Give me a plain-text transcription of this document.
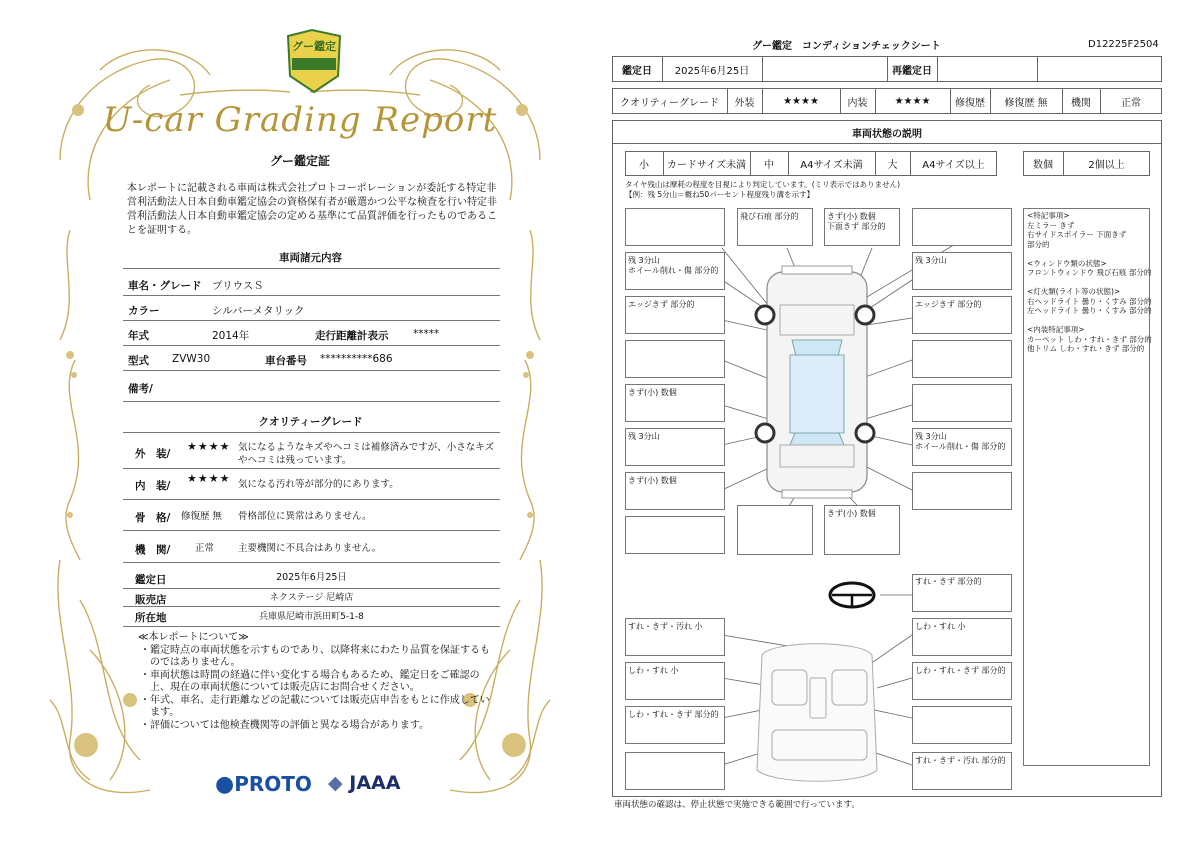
グー鑑定
U-car Grading Report
グー鑑定証
本レポートに記載される車両は株式会社プロトコーポレーションが委託する特定非営利活動法人日本自動車鑑定協会の資格保有者が厳選かつ公平な検査を行い特定非営利活動法人日本自動車鑑定協会の定める基準にて品質評価を行ったものであることを証明する。
車両諸元内容
車名・グレード プリウスＳ
カラー	シルバーメタリック
年式	2014年	走行距離計表示 *****
型式 ZVW30	車台番号 **********686
備考/
クオリティーグレード
外　装/
★★★★ 気になるようなキズやヘコミは補修済みですが、小さなキズやヘコミは残っています。
内　装/
★★★★ 気になる汚れ等が部分的にあります。
骨　格/ 修復歴 無 骨格部位に異常はありません。
機　関/	正常	主要機関に不具合はありません。
鑑定日	2025年6月25日
販売店	ネクステージ 尼崎店
所在地	兵庫県尼崎市浜田町5-1-8
≪本レポートについて≫
・鑑定時点の車両状態を示すものであり、以降将来にわたり品質を保証するものではありません。
・車両状態は時間の経過に伴い変化する場合もあるため、鑑定日をご確認の上、現在の車両状態については販売店にお問合せください。
・年式、車名、走行距離などの記載については販売店申告をもとに作成しています。
・評価については他検査機関等の評価と異なる場合があります。
●PROTO ◆ JAAA
グー鑑定　コンディションチェックシート	D12225F2504
鑑定日	2025年6月25日	再鑑定日
クオリティーグレード	外装	★★★★	内装	★★★★	修復歴	修復歴 無	機関	正常
車両状態の説明
小	カードサイズ未満	中	A4サイズ未満	大	A4サイズ以上	数個	2個以上
タイヤ残山は摩耗の程度を目視により判定しています。(ミリ表示ではありません)
【例：残 5分山＝概ね50パーセント程度残り溝を示す】
飛び石痕 部分的	きず(小) 数個
下面きず 部分的
残 3分山
ホイール削れ・傷 部分的
エッジきず 部分的
きず(小) 数個
残 3分山
きず(小) 数個
残 3分山
エッジきず 部分的
残 3分山
ホイール削れ・傷 部分的
きず(小) 数個
<特記事項>
左ミラー きず
右サイドスポイラー 下面きず
部分的

<ウィンドウ類の状態>
フロントウィンドウ 飛び石痕 部分的

<灯火類(ライト等の状態)>
右ヘッドライト 曇り・くすみ 部分的
左ヘッドライト 曇り・くすみ 部分的

<内装特記事項>
カーペット しわ・すれ・きず 部分的
他トリム しわ・すれ・きず 部分的
すれ・きず 部分的
すれ・きず・汚れ 小
しわ・すれ 小
しわ・すれ・きず 部分的
しわ・すれ 小
しわ・すれ・きず 部分的
すれ・きず・汚れ 部分的
車両状態の確認は、停止状態で実施できる範囲で行っています。
